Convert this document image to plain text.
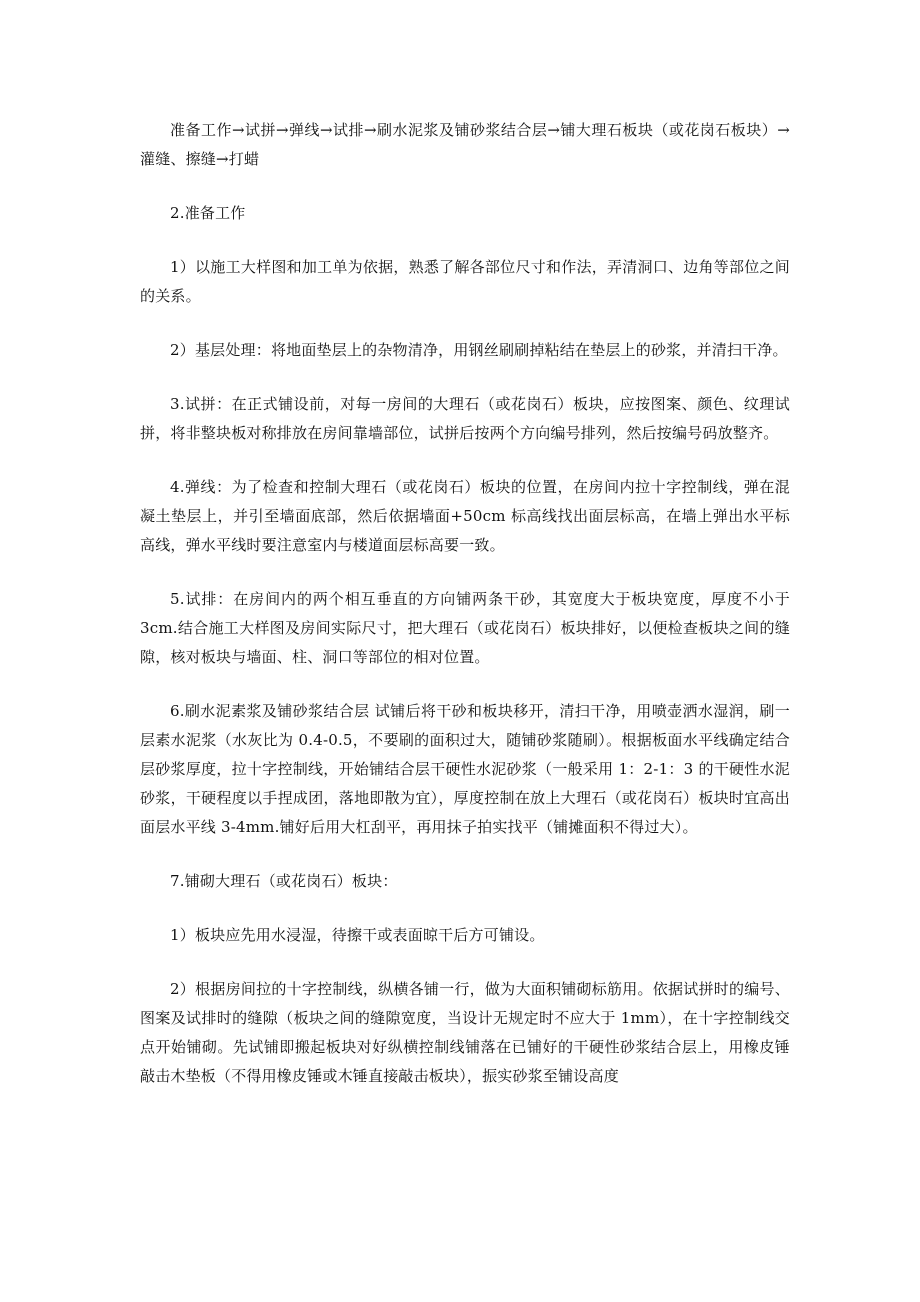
准备工作→试拼→弹线→试排→刷水泥浆及铺砂浆结合层→铺大理石板块（或花岗石板块）→灌缝、擦缝→打蜡

2.准备工作

1）以施工大样图和加工单为依据，熟悉了解各部位尺寸和作法，弄清洞口、边角等部位之间的关系。

2）基层处理：将地面垫层上的杂物清净，用钢丝刷刷掉粘结在垫层上的砂浆，并清扫干净。

3.试拼：在正式铺设前，对每一房间的大理石（或花岗石）板块，应按图案、颜色、纹理试拼，将非整块板对称排放在房间靠墙部位，试拼后按两个方向编号排列，然后按编号码放整齐。

4.弹线：为了检查和控制大理石（或花岗石）板块的位置，在房间内拉十字控制线，弹在混凝土垫层上，并引至墙面底部，然后依据墙面+50cm 标高线找出面层标高，在墙上弹出水平标高线，弹水平线时要注意室内与楼道面层标高要一致。

5.试排：在房间内的两个相互垂直的方向铺两条干砂，其宽度大于板块宽度，厚度不小于 3cm.结合施工大样图及房间实际尺寸，把大理石（或花岗石）板块排好，以便检查板块之间的缝隙，核对板块与墙面、柱、洞口等部位的相对位置。

6.刷水泥素浆及铺砂浆结合层 试铺后将干砂和板块移开，清扫干净，用喷壶洒水湿润，刷一层素水泥浆（水灰比为 0.4-0.5，不要刷的面积过大，随铺砂浆随刷）。根据板面水平线确定结合层砂浆厚度，拉十字控制线，开始铺结合层干硬性水泥砂浆（一般采用 1：2-1：3 的干硬性水泥砂浆，干硬程度以手捏成团，落地即散为宜），厚度控制在放上大理石（或花岗石）板块时宜高出面层水平线 3-4mm.铺好后用大杠刮平，再用抹子拍实找平（铺摊面积不得过大）。

7.铺砌大理石（或花岗石）板块：

1）板块应先用水浸湿，待擦干或表面晾干后方可铺设。

2）根据房间拉的十字控制线，纵横各铺一行，做为大面积铺砌标筋用。依据试拼时的编号、图案及试排时的缝隙（板块之间的缝隙宽度，当设计无规定时不应大于 1mm），在十字控制线交点开始铺砌。先试铺即搬起板块对好纵横控制线铺落在已铺好的干硬性砂浆结合层上，用橡皮锤敲击木垫板（不得用橡皮锤或木锤直接敲击板块），振实砂浆至铺设高度
